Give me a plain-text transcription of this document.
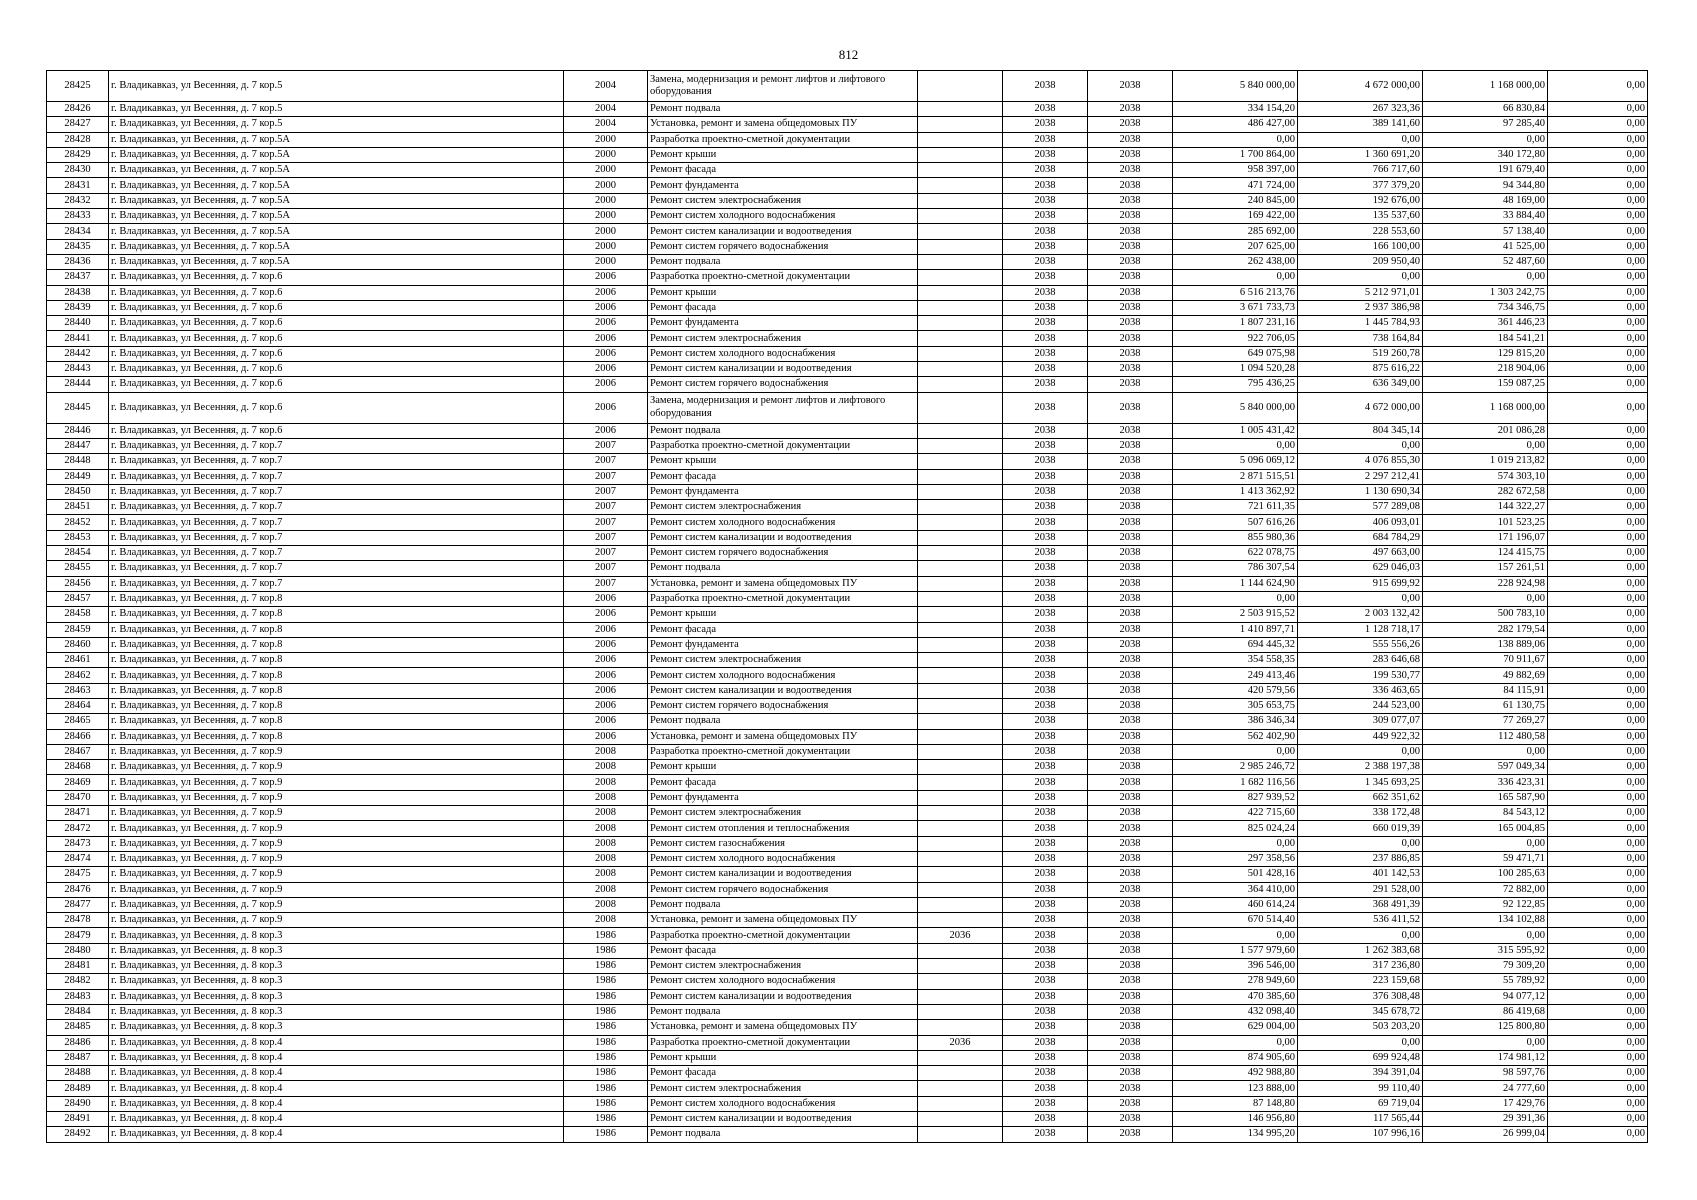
812
28425	г. Владикавказ, ул Весенняя, д. 7 кор.5	2004	Замена, модернизация и ремонт лифтов и лифтового оборудования		2038	2038	5 840 000,00	4 672 000,00	1 168 000,00	0,00
28426	г. Владикавказ, ул Весенняя, д. 7 кор.5	2004	Ремонт подвала		2038	2038	334 154,20	267 323,36	66 830,84	0,00
28427	г. Владикавказ, ул Весенняя, д. 7 кор.5	2004	Установка, ремонт и замена общедомовых ПУ		2038	2038	486 427,00	389 141,60	97 285,40	0,00
28428	г. Владикавказ, ул Весенняя, д. 7 кор.5А	2000	Разработка проектно-сметной документации		2038	2038	0,00	0,00	0,00	0,00
28429	г. Владикавказ, ул Весенняя, д. 7 кор.5А	2000	Ремонт крыши		2038	2038	1 700 864,00	1 360 691,20	340 172,80	0,00
28430	г. Владикавказ, ул Весенняя, д. 7 кор.5А	2000	Ремонт фасада		2038	2038	958 397,00	766 717,60	191 679,40	0,00
28431	г. Владикавказ, ул Весенняя, д. 7 кор.5А	2000	Ремонт фундамента		2038	2038	471 724,00	377 379,20	94 344,80	0,00
28432	г. Владикавказ, ул Весенняя, д. 7 кор.5А	2000	Ремонт систем электроснабжения		2038	2038	240 845,00	192 676,00	48 169,00	0,00
28433	г. Владикавказ, ул Весенняя, д. 7 кор.5А	2000	Ремонт систем холодного водоснабжения		2038	2038	169 422,00	135 537,60	33 884,40	0,00
28434	г. Владикавказ, ул Весенняя, д. 7 кор.5А	2000	Ремонт систем канализации и водоотведения		2038	2038	285 692,00	228 553,60	57 138,40	0,00
28435	г. Владикавказ, ул Весенняя, д. 7 кор.5А	2000	Ремонт систем горячего водоснабжения		2038	2038	207 625,00	166 100,00	41 525,00	0,00
28436	г. Владикавказ, ул Весенняя, д. 7 кор.5А	2000	Ремонт подвала		2038	2038	262 438,00	209 950,40	52 487,60	0,00
28437	г. Владикавказ, ул Весенняя, д. 7 кор.6	2006	Разработка проектно-сметной документации		2038	2038	0,00	0,00	0,00	0,00
28438	г. Владикавказ, ул Весенняя, д. 7 кор.6	2006	Ремонт крыши		2038	2038	6 516 213,76	5 212 971,01	1 303 242,75	0,00
28439	г. Владикавказ, ул Весенняя, д. 7 кор.6	2006	Ремонт фасада		2038	2038	3 671 733,73	2 937 386,98	734 346,75	0,00
28440	г. Владикавказ, ул Весенняя, д. 7 кор.6	2006	Ремонт фундамента		2038	2038	1 807 231,16	1 445 784,93	361 446,23	0,00
28441	г. Владикавказ, ул Весенняя, д. 7 кор.6	2006	Ремонт систем электроснабжения		2038	2038	922 706,05	738 164,84	184 541,21	0,00
28442	г. Владикавказ, ул Весенняя, д. 7 кор.6	2006	Ремонт систем холодного водоснабжения		2038	2038	649 075,98	519 260,78	129 815,20	0,00
28443	г. Владикавказ, ул Весенняя, д. 7 кор.6	2006	Ремонт систем канализации и водоотведения		2038	2038	1 094 520,28	875 616,22	218 904,06	0,00
28444	г. Владикавказ, ул Весенняя, д. 7 кор.6	2006	Ремонт систем горячего водоснабжения		2038	2038	795 436,25	636 349,00	159 087,25	0,00
28445	г. Владикавказ, ул Весенняя, д. 7 кор.6	2006	Замена, модернизация и ремонт лифтов и лифтового оборудования		2038	2038	5 840 000,00	4 672 000,00	1 168 000,00	0,00
28446	г. Владикавказ, ул Весенняя, д. 7 кор.6	2006	Ремонт подвала		2038	2038	1 005 431,42	804 345,14	201 086,28	0,00
28447	г. Владикавказ, ул Весенняя, д. 7 кор.7	2007	Разработка проектно-сметной документации		2038	2038	0,00	0,00	0,00	0,00
28448	г. Владикавказ, ул Весенняя, д. 7 кор.7	2007	Ремонт крыши		2038	2038	5 096 069,12	4 076 855,30	1 019 213,82	0,00
28449	г. Владикавказ, ул Весенняя, д. 7 кор.7	2007	Ремонт фасада		2038	2038	2 871 515,51	2 297 212,41	574 303,10	0,00
28450	г. Владикавказ, ул Весенняя, д. 7 кор.7	2007	Ремонт фундамента		2038	2038	1 413 362,92	1 130 690,34	282 672,58	0,00
28451	г. Владикавказ, ул Весенняя, д. 7 кор.7	2007	Ремонт систем электроснабжения		2038	2038	721 611,35	577 289,08	144 322,27	0,00
28452	г. Владикавказ, ул Весенняя, д. 7 кор.7	2007	Ремонт систем холодного водоснабжения		2038	2038	507 616,26	406 093,01	101 523,25	0,00
28453	г. Владикавказ, ул Весенняя, д. 7 кор.7	2007	Ремонт систем канализации и водоотведения		2038	2038	855 980,36	684 784,29	171 196,07	0,00
28454	г. Владикавказ, ул Весенняя, д. 7 кор.7	2007	Ремонт систем горячего водоснабжения		2038	2038	622 078,75	497 663,00	124 415,75	0,00
28455	г. Владикавказ, ул Весенняя, д. 7 кор.7	2007	Ремонт подвала		2038	2038	786 307,54	629 046,03	157 261,51	0,00
28456	г. Владикавказ, ул Весенняя, д. 7 кор.7	2007	Установка, ремонт и замена общедомовых ПУ		2038	2038	1 144 624,90	915 699,92	228 924,98	0,00
28457	г. Владикавказ, ул Весенняя, д. 7 кор.8	2006	Разработка проектно-сметной документации		2038	2038	0,00	0,00	0,00	0,00
28458	г. Владикавказ, ул Весенняя, д. 7 кор.8	2006	Ремонт крыши		2038	2038	2 503 915,52	2 003 132,42	500 783,10	0,00
28459	г. Владикавказ, ул Весенняя, д. 7 кор.8	2006	Ремонт фасада		2038	2038	1 410 897,71	1 128 718,17	282 179,54	0,00
28460	г. Владикавказ, ул Весенняя, д. 7 кор.8	2006	Ремонт фундамента		2038	2038	694 445,32	555 556,26	138 889,06	0,00
28461	г. Владикавказ, ул Весенняя, д. 7 кор.8	2006	Ремонт систем электроснабжения		2038	2038	354 558,35	283 646,68	70 911,67	0,00
28462	г. Владикавказ, ул Весенняя, д. 7 кор.8	2006	Ремонт систем холодного водоснабжения		2038	2038	249 413,46	199 530,77	49 882,69	0,00
28463	г. Владикавказ, ул Весенняя, д. 7 кор.8	2006	Ремонт систем канализации и водоотведения		2038	2038	420 579,56	336 463,65	84 115,91	0,00
28464	г. Владикавказ, ул Весенняя, д. 7 кор.8	2006	Ремонт систем горячего водоснабжения		2038	2038	305 653,75	244 523,00	61 130,75	0,00
28465	г. Владикавказ, ул Весенняя, д. 7 кор.8	2006	Ремонт подвала		2038	2038	386 346,34	309 077,07	77 269,27	0,00
28466	г. Владикавказ, ул Весенняя, д. 7 кор.8	2006	Установка, ремонт и замена общедомовых ПУ		2038	2038	562 402,90	449 922,32	112 480,58	0,00
28467	г. Владикавказ, ул Весенняя, д. 7 кор.9	2008	Разработка проектно-сметной документации		2038	2038	0,00	0,00	0,00	0,00
28468	г. Владикавказ, ул Весенняя, д. 7 кор.9	2008	Ремонт крыши		2038	2038	2 985 246,72	2 388 197,38	597 049,34	0,00
28469	г. Владикавказ, ул Весенняя, д. 7 кор.9	2008	Ремонт фасада		2038	2038	1 682 116,56	1 345 693,25	336 423,31	0,00
28470	г. Владикавказ, ул Весенняя, д. 7 кор.9	2008	Ремонт фундамента		2038	2038	827 939,52	662 351,62	165 587,90	0,00
28471	г. Владикавказ, ул Весенняя, д. 7 кор.9	2008	Ремонт систем электроснабжения		2038	2038	422 715,60	338 172,48	84 543,12	0,00
28472	г. Владикавказ, ул Весенняя, д. 7 кор.9	2008	Ремонт систем отопления и теплоснабжения		2038	2038	825 024,24	660 019,39	165 004,85	0,00
28473	г. Владикавказ, ул Весенняя, д. 7 кор.9	2008	Ремонт систем газоснабжения		2038	2038	0,00	0,00	0,00	0,00
28474	г. Владикавказ, ул Весенняя, д. 7 кор.9	2008	Ремонт систем холодного водоснабжения		2038	2038	297 358,56	237 886,85	59 471,71	0,00
28475	г. Владикавказ, ул Весенняя, д. 7 кор.9	2008	Ремонт систем канализации и водоотведения		2038	2038	501 428,16	401 142,53	100 285,63	0,00
28476	г. Владикавказ, ул Весенняя, д. 7 кор.9	2008	Ремонт систем горячего водоснабжения		2038	2038	364 410,00	291 528,00	72 882,00	0,00
28477	г. Владикавказ, ул Весенняя, д. 7 кор.9	2008	Ремонт подвала		2038	2038	460 614,24	368 491,39	92 122,85	0,00
28478	г. Владикавказ, ул Весенняя, д. 7 кор.9	2008	Установка, ремонт и замена общедомовых ПУ		2038	2038	670 514,40	536 411,52	134 102,88	0,00
28479	г. Владикавказ, ул Весенняя, д. 8 кор.3	1986	Разработка проектно-сметной документации	2036	2038	2038	0,00	0,00	0,00	0,00
28480	г. Владикавказ, ул Весенняя, д. 8 кор.3	1986	Ремонт фасада		2038	2038	1 577 979,60	1 262 383,68	315 595,92	0,00
28481	г. Владикавказ, ул Весенняя, д. 8 кор.3	1986	Ремонт систем электроснабжения		2038	2038	396 546,00	317 236,80	79 309,20	0,00
28482	г. Владикавказ, ул Весенняя, д. 8 кор.3	1986	Ремонт систем холодного водоснабжения		2038	2038	278 949,60	223 159,68	55 789,92	0,00
28483	г. Владикавказ, ул Весенняя, д. 8 кор.3	1986	Ремонт систем канализации и водоотведения		2038	2038	470 385,60	376 308,48	94 077,12	0,00
28484	г. Владикавказ, ул Весенняя, д. 8 кор.3	1986	Ремонт подвала		2038	2038	432 098,40	345 678,72	86 419,68	0,00
28485	г. Владикавказ, ул Весенняя, д. 8 кор.3	1986	Установка, ремонт и замена общедомовых ПУ		2038	2038	629 004,00	503 203,20	125 800,80	0,00
28486	г. Владикавказ, ул Весенняя, д. 8 кор.4	1986	Разработка проектно-сметной документации	2036	2038	2038	0,00	0,00	0,00	0,00
28487	г. Владикавказ, ул Весенняя, д. 8 кор.4	1986	Ремонт крыши		2038	2038	874 905,60	699 924,48	174 981,12	0,00
28488	г. Владикавказ, ул Весенняя, д. 8 кор.4	1986	Ремонт фасада		2038	2038	492 988,80	394 391,04	98 597,76	0,00
28489	г. Владикавказ, ул Весенняя, д. 8 кор.4	1986	Ремонт систем электроснабжения		2038	2038	123 888,00	99 110,40	24 777,60	0,00
28490	г. Владикавказ, ул Весенняя, д. 8 кор.4	1986	Ремонт систем холодного водоснабжения		2038	2038	87 148,80	69 719,04	17 429,76	0,00
28491	г. Владикавказ, ул Весенняя, д. 8 кор.4	1986	Ремонт систем канализации и водоотведения		2038	2038	146 956,80	117 565,44	29 391,36	0,00
28492	г. Владикавказ, ул Весенняя, д. 8 кор.4	1986	Ремонт подвала		2038	2038	134 995,20	107 996,16	26 999,04	0,00
